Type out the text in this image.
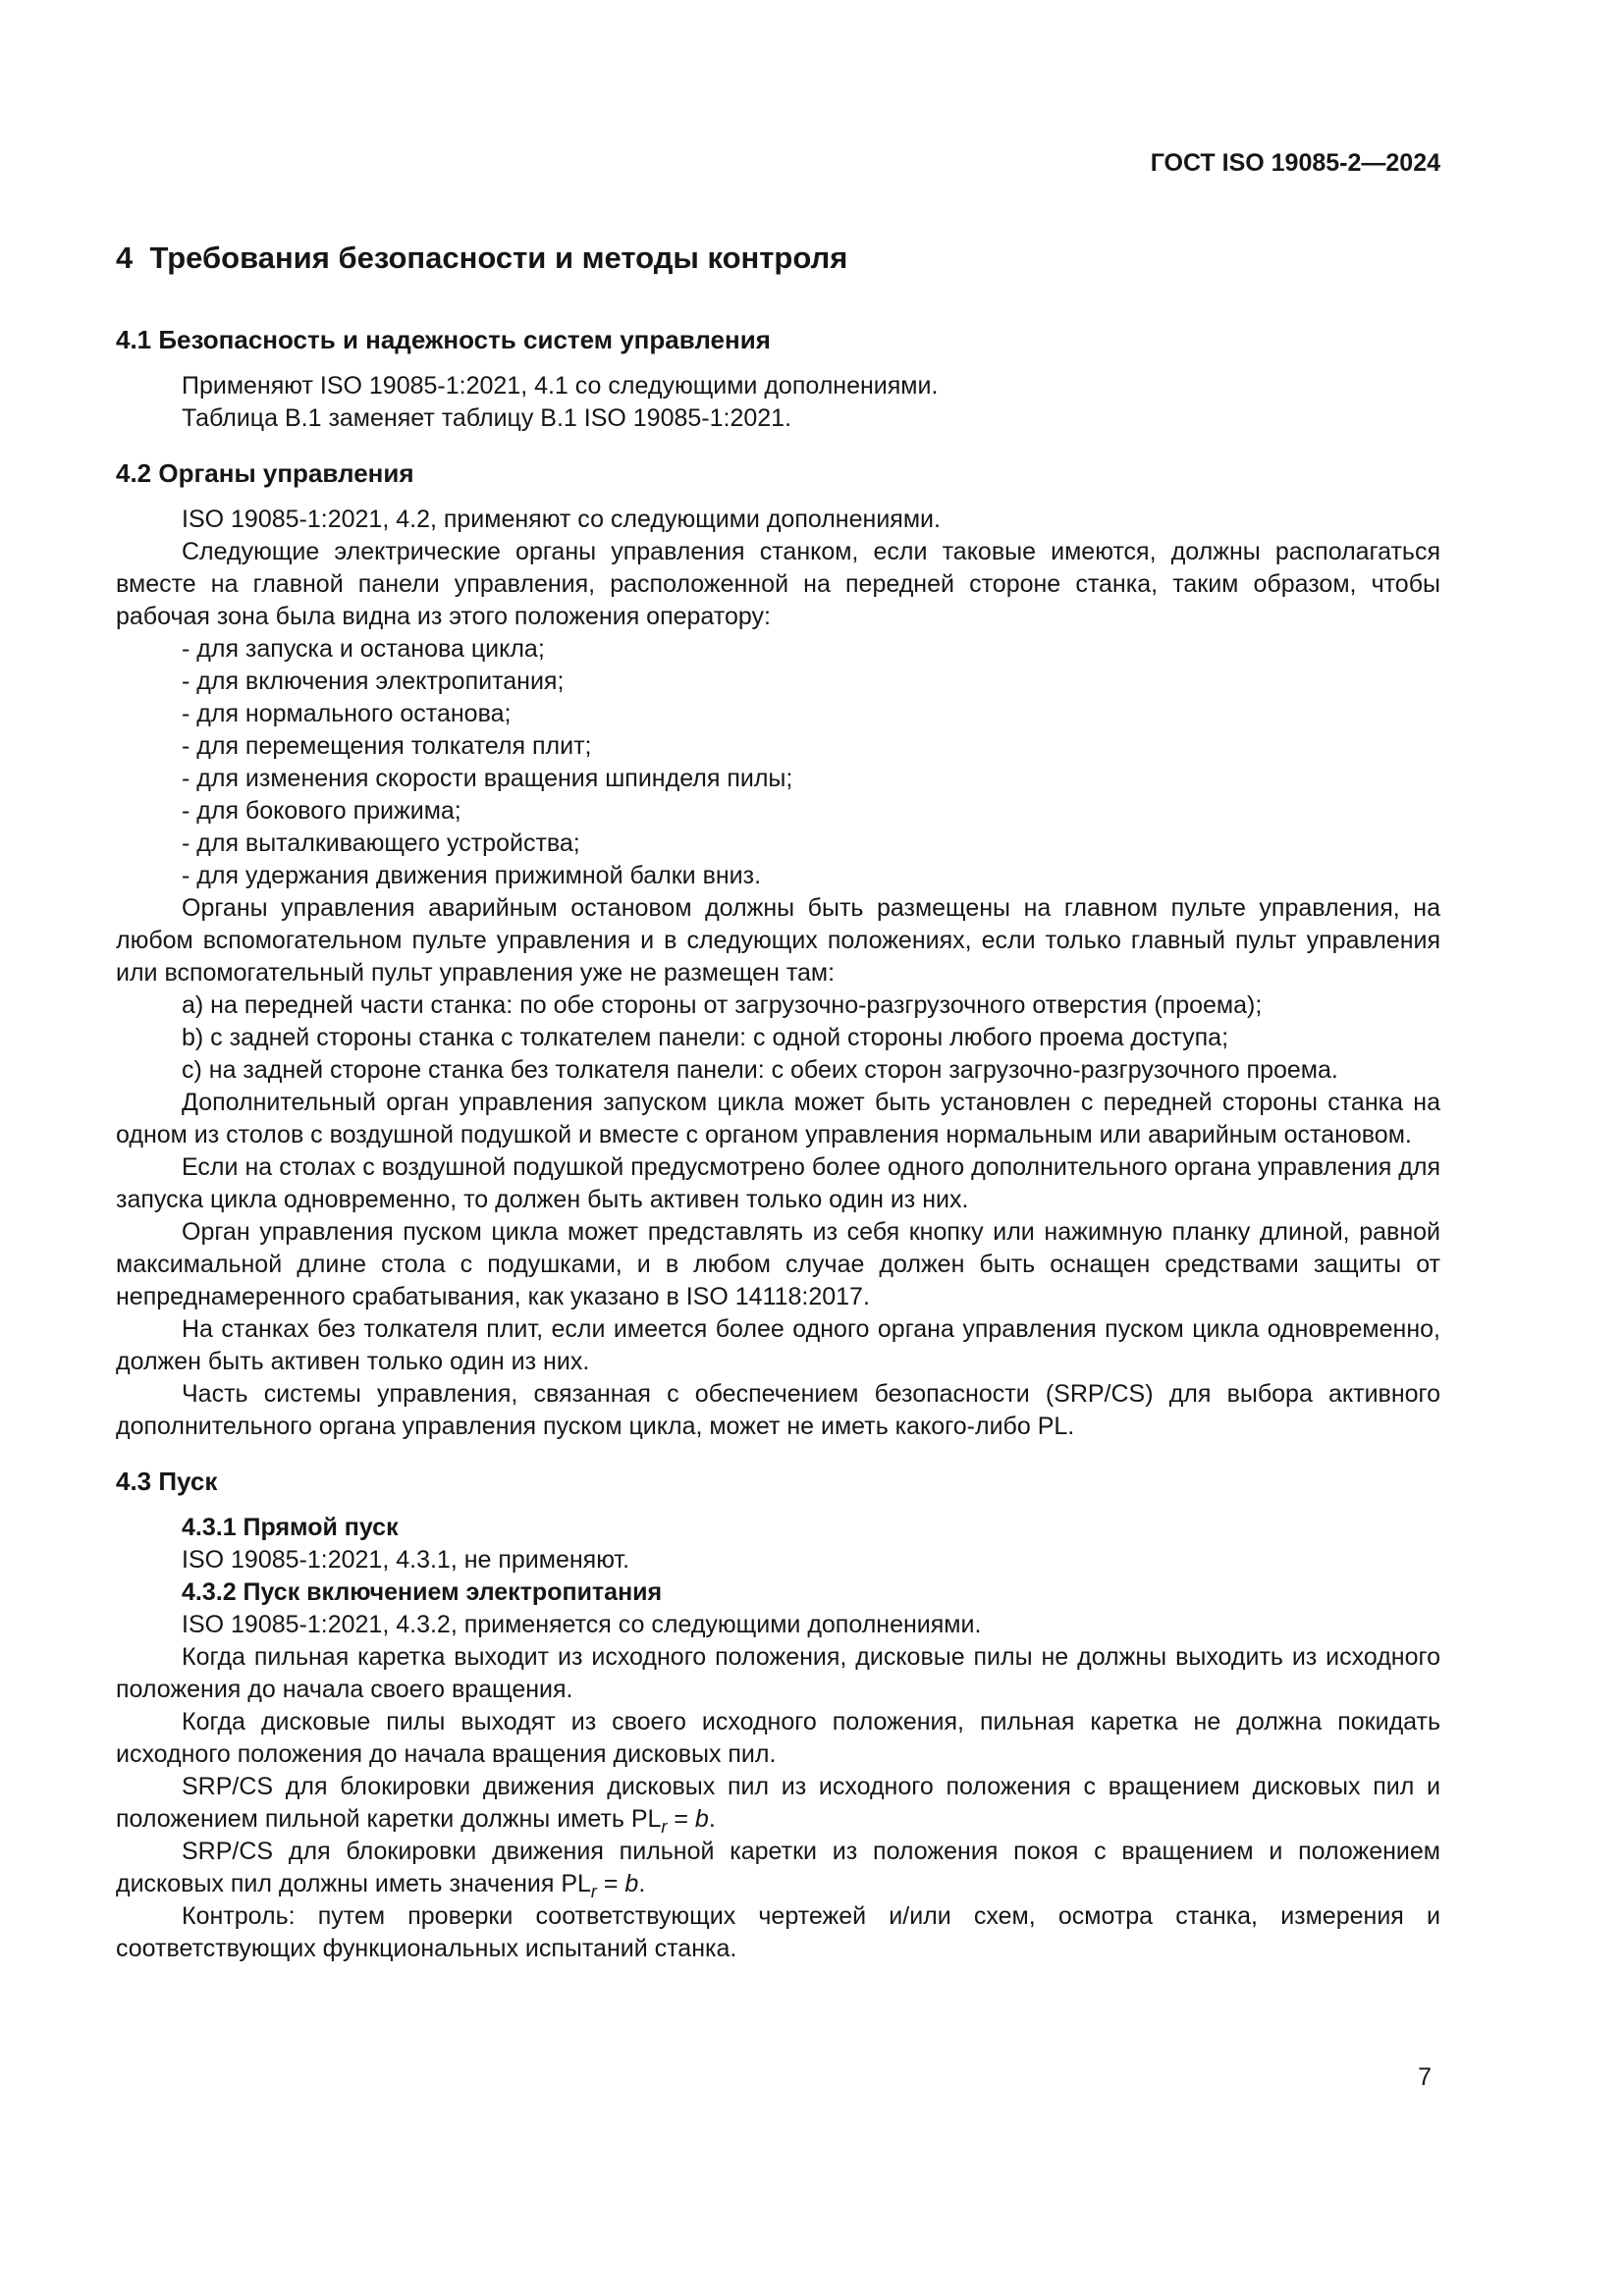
ГОСТ ISO 19085-2—2024
4  Требования безопасности и методы контроля
4.1 Безопасность и надежность систем управления

Применяют ISO 19085-1:2021, 4.1 со следующими дополнениями.

Таблица В.1 заменяет таблицу В.1 ISO 19085-1:2021.

4.2 Органы управления

ISO 19085-1:2021, 4.2, применяют со следующими дополнениями.

Следующие электрические органы управления станком, если таковые имеются, должны располагаться вместе на главной панели управления, расположенной на передней стороне станка, таким образом, чтобы рабочая зона была видна из этого положения оператору:

- для запуска и останова цикла;

- для включения электропитания;

- для нормального останова;

- для перемещения толкателя плит;

- для изменения скорости вращения шпинделя пилы;

- для бокового прижима;

- для выталкивающего устройства;

- для удержания движения прижимной балки вниз.

Органы управления аварийным остановом должны быть размещены на главном пульте управления, на любом вспомогательном пульте управления и в следующих положениях, если только главный пульт управления или вспомогательный пульт управления уже не размещен там:

a) на передней части станка: по обе стороны от загрузочно-разгрузочного отверстия (проема);

b) с задней стороны станка с толкателем панели: с одной стороны любого проема доступа;

c) на задней стороне станка без толкателя панели: с обеих сторон загрузочно-разгрузочного проема.

Дополнительный орган управления запуском цикла может быть установлен с передней стороны станка на одном из столов с воздушной подушкой и вместе с органом управления нормальным или аварийным остановом.

Если на столах с воздушной подушкой предусмотрено более одного дополнительного органа управления для запуска цикла одновременно, то должен быть активен только один из них.

Орган управления пуском цикла может представлять из себя кнопку или нажимную планку длиной, равной максимальной длине стола с подушками, и в любом случае должен быть оснащен средствами защиты от непреднамеренного срабатывания, как указано в ISO 14118:2017.

На станках без толкателя плит, если имеется более одного органа управления пуском цикла одновременно, должен быть активен только один из них.

Часть системы управления, связанная с обеспечением безопасности (SRP/CS) для выбора активного дополнительного органа управления пуском цикла, может не иметь какого-либо PL.

4.3 Пуск
4.3.1 Прямой пуск

ISO 19085-1:2021, 4.3.1, не применяют.

4.3.2 Пуск включением электропитания

ISO 19085-1:2021, 4.3.2, применяется со следующими дополнениями.

Когда пильная каретка выходит из исходного положения, дисковые пилы не должны выходить из исходного положения до начала своего вращения.

Когда дисковые пилы выходят из своего исходного положения, пильная каретка не должна покидать исходного положения до начала вращения дисковых пил.

SRP/CS для блокировки движения дисковых пил из исходного положения с вращением дисковых пил и положением пильной каретки должны иметь $PL_r = b$.

SRP/CS для блокировки движения пильной каретки из положения покоя с вращением и положением дисковых пил должны иметь значения $PL_r = b$.

Контроль: путем проверки соответствующих чертежей и/или схем, осмотра станка, измерения и соответствующих функциональных испытаний станка.

7
